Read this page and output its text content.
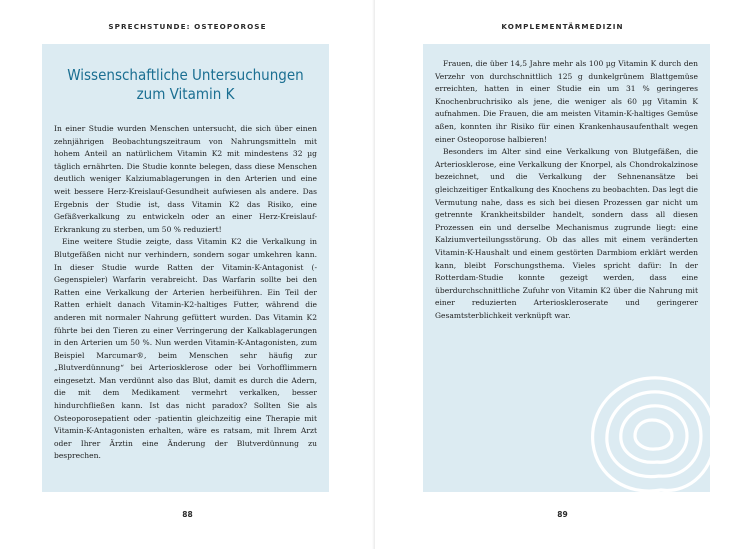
SPRECHSTUNDE: OSTEOPOROSE
Wissenschaftliche Untersuchungen
zum Vitamin K

In einer Studie wurden Menschen untersucht, die sich über einen zehnjährigen Beobachtungszeitraum von Nahrungsmitteln mit hohem Anteil an natürlichem Vitamin K2 mit mindestens 32 µg täglich ernährten. Die Studie konnte belegen, dass diese Menschen deutlich weniger Kalziumablagerungen in den Arterien und eine weit bessere Herz-Kreislauf-Gesundheit aufwiesen als andere. Das Ergebnis der Studie ist, dass Vitamin K2 das Risiko, eine Gefäßverkalkung zu entwickeln oder an einer Herz-Kreislauf-Erkrankung zu sterben, um 50 % reduziert!

Eine weitere Studie zeigte, dass Vitamin K2 die Verkalkung in Blutgefäßen nicht nur verhindern, sondern sogar umkehren kann. In dieser Studie wurde Ratten der Vitamin-K-Antagonist (-Gegenspieler) Warfarin verabreicht. Das Warfarin sollte bei den Ratten eine Verkalkung der Arterien herbeiführen. Ein Teil der Ratten erhielt danach Vitamin-K2-haltiges Futter, während die anderen mit normaler Nahrung gefüttert wurden. Das Vitamin K2 führte bei den Tieren zu einer Verringerung der Kalkablagerungen in den Arterien um 50 %. Nun werden Vitamin-K-Antagonisten, zum Beispiel Marcumar®, beim Menschen sehr häufig zur „Blutverdünnung“ bei Arteriosklerose oder bei Vorhofflimmern eingesetzt. Man verdünnt also das Blut, damit es durch die Adern, die mit dem Medikament vermehrt verkalken, besser hindurchfließen kann. Ist das nicht paradox? Sollten Sie als Osteoporosepatient oder -patientin gleichzeitig eine Therapie mit Vitamin-K-Antagonisten erhalten, wäre es ratsam, mit Ihrem Arzt oder Ihrer Ärztin eine Änderung der Blutverdünnung zu besprechen.

88
KOMPLEMENTÄRMEDIZIN

Frauen, die über 14,5 Jahre mehr als 100 µg Vitamin K durch den Verzehr von durchschnittlich 125 g dunkelgrünem Blattgemüse erreichten, hatten in einer Studie ein um 31 % geringeres Knochenbruchrisiko als jene, die weniger als 60 µg Vitamin K aufnahmen. Die Frauen, die am meisten Vitamin-K-haltiges Gemüse aßen, konnten ihr Risiko für einen Krankenhausaufenthalt wegen einer Osteoporose halbieren!

Besonders im Alter sind eine Verkalkung von Blutgefäßen, die Arteriosklerose, eine Verkalkung der Knorpel, als Chondrokalzinose bezeichnet, und die Verkalkung der Sehnenansätze bei gleichzeitiger Entkalkung des Knochens zu beobachten. Das legt die Vermutung nahe, dass es sich bei diesen Prozessen gar nicht um getrennte Krankheitsbilder handelt, sondern dass all diesen Prozessen ein und derselbe Mechanismus zugrunde liegt: eine Kalziumverteilungsstörung. Ob das alles mit einem veränderten Vitamin-K-Haushalt und einem gestörten Darmbiom erklärt werden kann, bleibt Forschungsthema. Vieles spricht dafür: In der Rotterdam-Studie konnte gezeigt werden, dass eine überdurchschnittliche Zufuhr von Vitamin K2 über die Nahrung mit einer reduzierten Arterioskleroserate und geringerer Gesamtsterblichkeit verknüpft war.

89
